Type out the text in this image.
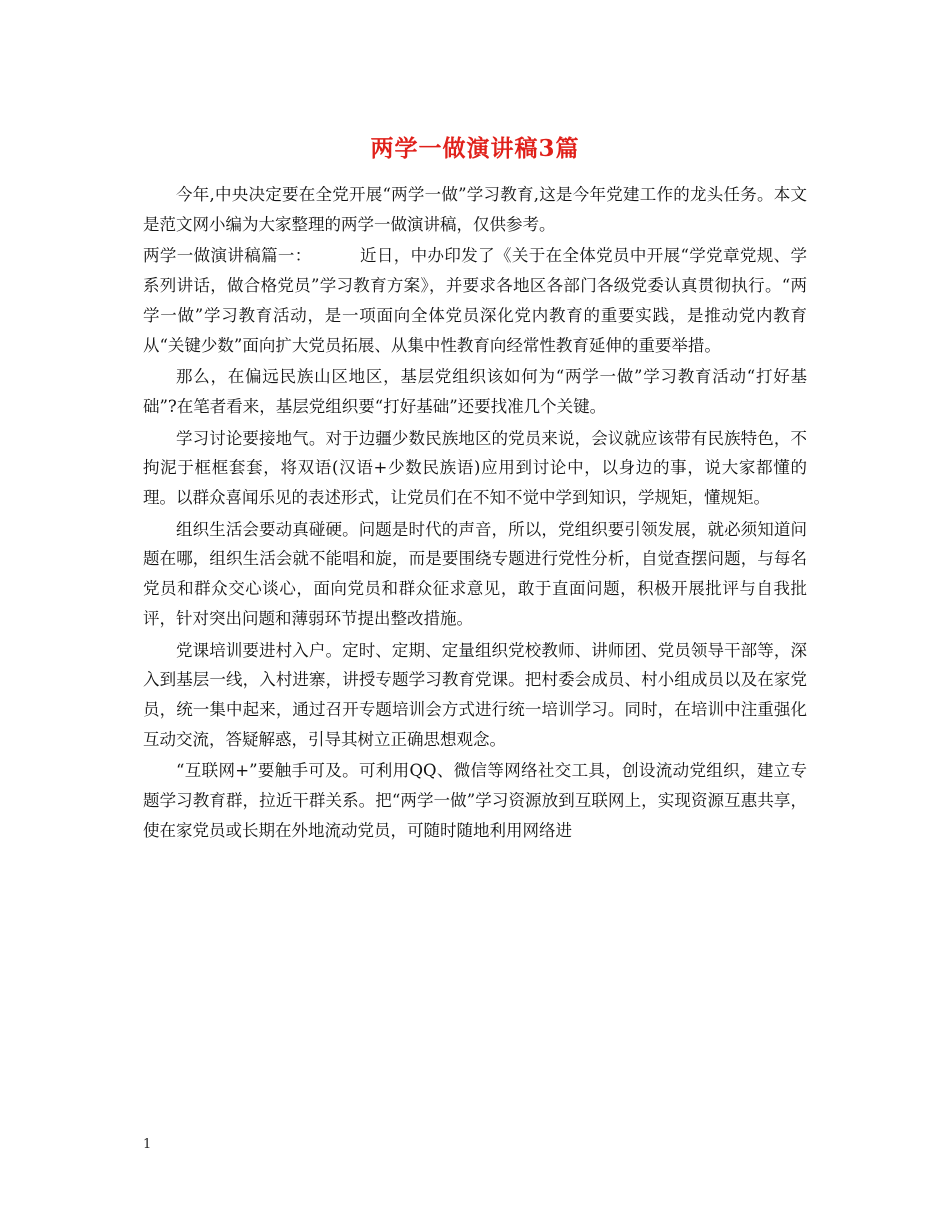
两学一做演讲稿3篇

今年,中央决定要在全党开展“两学一做”学习教育,这是今年党建工作的龙头任务。本文是范文网小编为大家整理的两学一做演讲稿，仅供参考。

两学一做演讲稿篇一：	近日，中办印发了《关于在全体党员中开展“学党章党规、学系列讲话，做合格党员”学习教育方案》，并要求各地区各部门各级党委认真贯彻执行。“两学一做”学习教育活动，是一项面向全体党员深化党内教育的重要实践，是推动党内教育从“关键少数”面向扩大党员拓展、从集中性教育向经常性教育延伸的重要举措。

那么，在偏远民族山区地区，基层党组织该如何为“两学一做”学习教育活动“打好基础”?在笔者看来，基层党组织要“打好基础”还要找准几个关键。

学习讨论要接地气。对于边疆少数民族地区的党员来说，会议就应该带有民族特色，不拘泥于框框套套，将双语(汉语+少数民族语)应用到讨论中，以身边的事，说大家都懂的理。以群众喜闻乐见的表述形式，让党员们在不知不觉中学到知识，学规矩，懂规矩。

组织生活会要动真碰硬。问题是时代的声音，所以，党组织要引领发展，就必须知道问题在哪，组织生活会就不能唱和旋，而是要围绕专题进行党性分析，自觉查摆问题，与每名党员和群众交心谈心，面向党员和群众征求意见，敢于直面问题，积极开展批评与自我批评，针对突出问题和薄弱环节提出整改措施。

党课培训要进村入户。定时、定期、定量组织党校教师、讲师团、党员领导干部等，深入到基层一线，入村进寨，讲授专题学习教育党课。把村委会成员、村小组成员以及在家党员，统一集中起来，通过召开专题培训会方式进行统一培训学习。同时，在培训中注重强化互动交流，答疑解惑，引导其树立正确思想观念。

“互联网+”要触手可及。可利用QQ、微信等网络社交工具，创设流动党组织，建立专题学习教育群，拉近干群关系。把“两学一做”学习资源放到互联网上，实现资源互惠共享，使在家党员或长期在外地流动党员，可随时随地利用网络进

1
